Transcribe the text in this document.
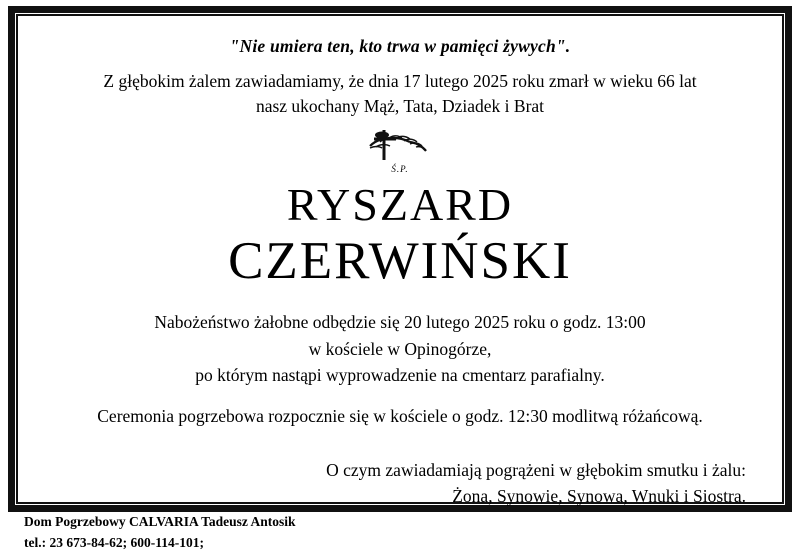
"Nie umiera ten, kto trwa w pamięci żywych".
Z głębokim żalem zawiadamiamy, że dnia 17 lutego 2025 roku zmarł w wieku 66 lat
nasz ukochany Mąż, Tata, Dziadek i Brat
Ś.P.
RYSZARD
CZERWIŃSKI
Nabożeństwo żałobne odbędzie się 20 lutego 2025 roku o godz. 13:00
w kościele w Opinogórze,
po którym nastąpi wyprowadzenie na cmentarz parafialny.
Ceremonia pogrzebowa rozpocznie się w kościele o godz. 12:30 modlitwą różańcową.
O czym zawiadamiają pogrążeni w głębokim smutku i żalu:
Żona, Synowie, Synowa, Wnuki i Siostra.
Dom Pogrzebowy CALVARIA Tadeusz Antosik
tel.: 23 673-84-62; 600-114-101;
